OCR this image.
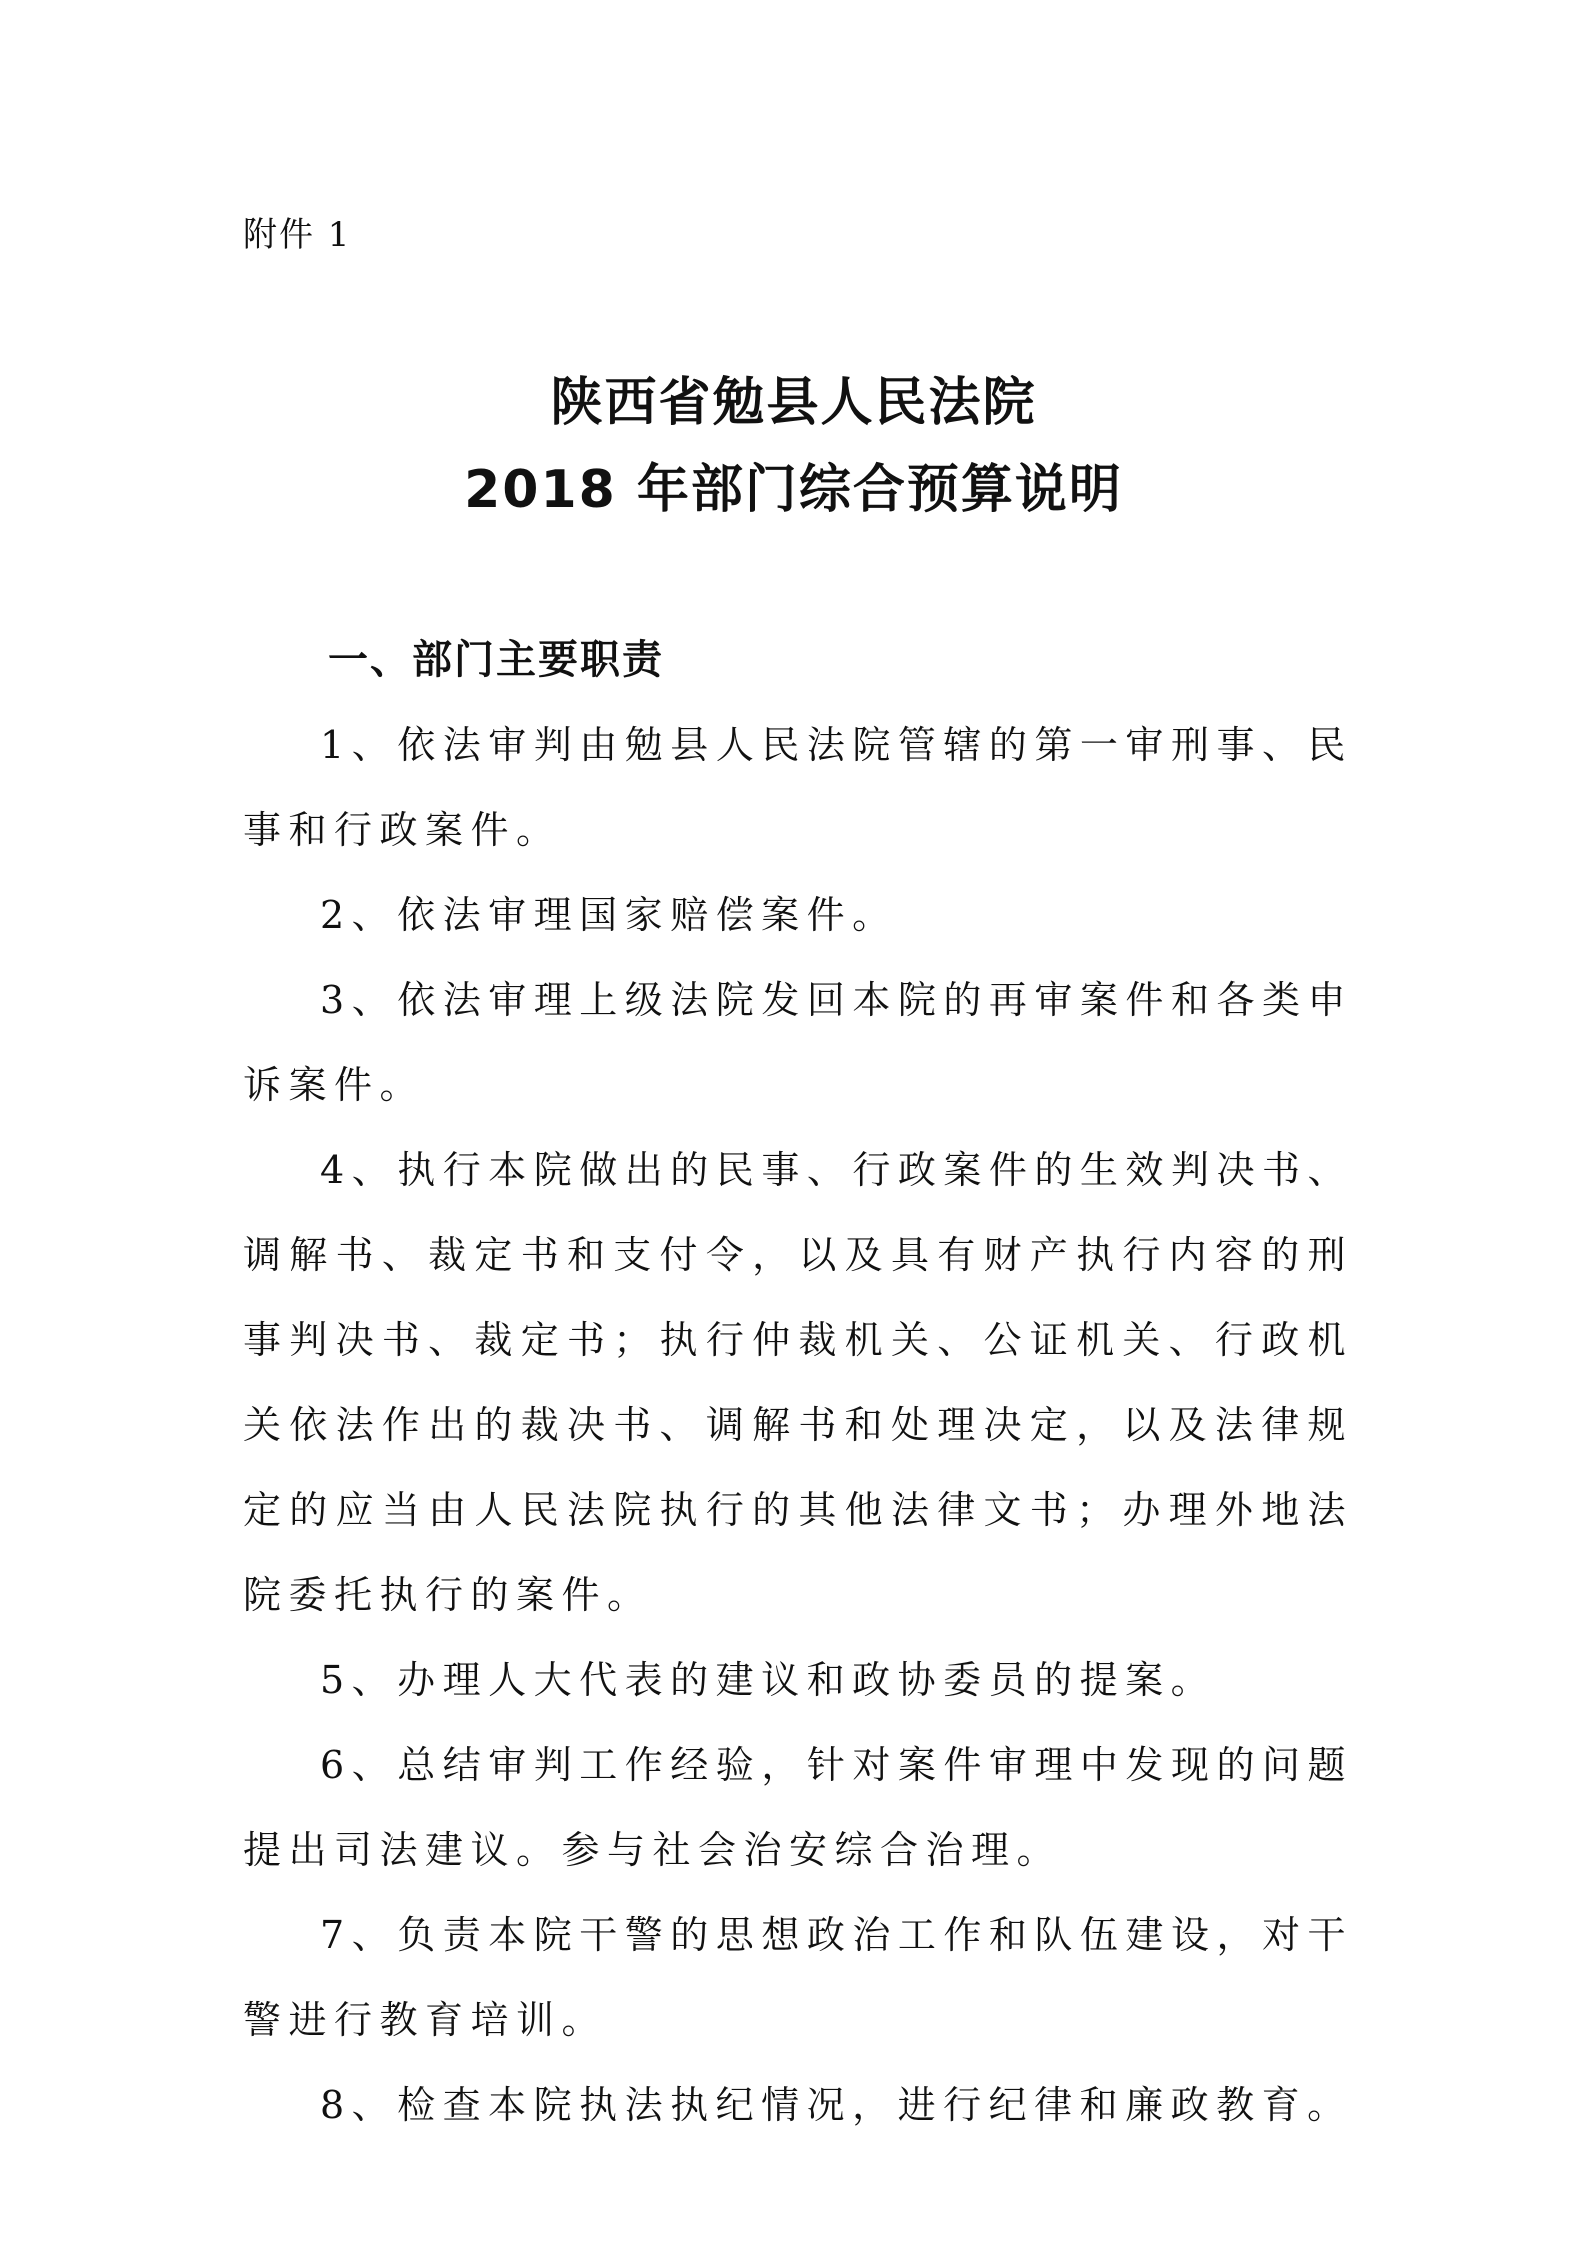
附件 1
陕西省勉县人民法院
2018 年部门综合预算说明
一、部门主要职责

1、依法审判由勉县人民法院管辖的第一审刑事、民事和行政案件。

2、依法审理国家赔偿案件。

3、依法审理上级法院发回本院的再审案件和各类申诉案件。

4、执行本院做出的民事、行政案件的生效判决书、调解书、裁定书和支付令，以及具有财产执行内容的刑事判决书、裁定书；执行仲裁机关、公证机关、行政机关依法作出的裁决书、调解书和处理决定，以及法律规定的应当由人民法院执行的其他法律文书；办理外地法院委托执行的案件。

5、办理人大代表的建议和政协委员的提案。

6、总结审判工作经验，针对案件审理中发现的问题提出司法建议。参与社会治安综合治理。

7、负责本院干警的思想政治工作和队伍建设，对干警进行教育培训。

8、检查本院执法执纪情况，进行纪律和廉政教育。
